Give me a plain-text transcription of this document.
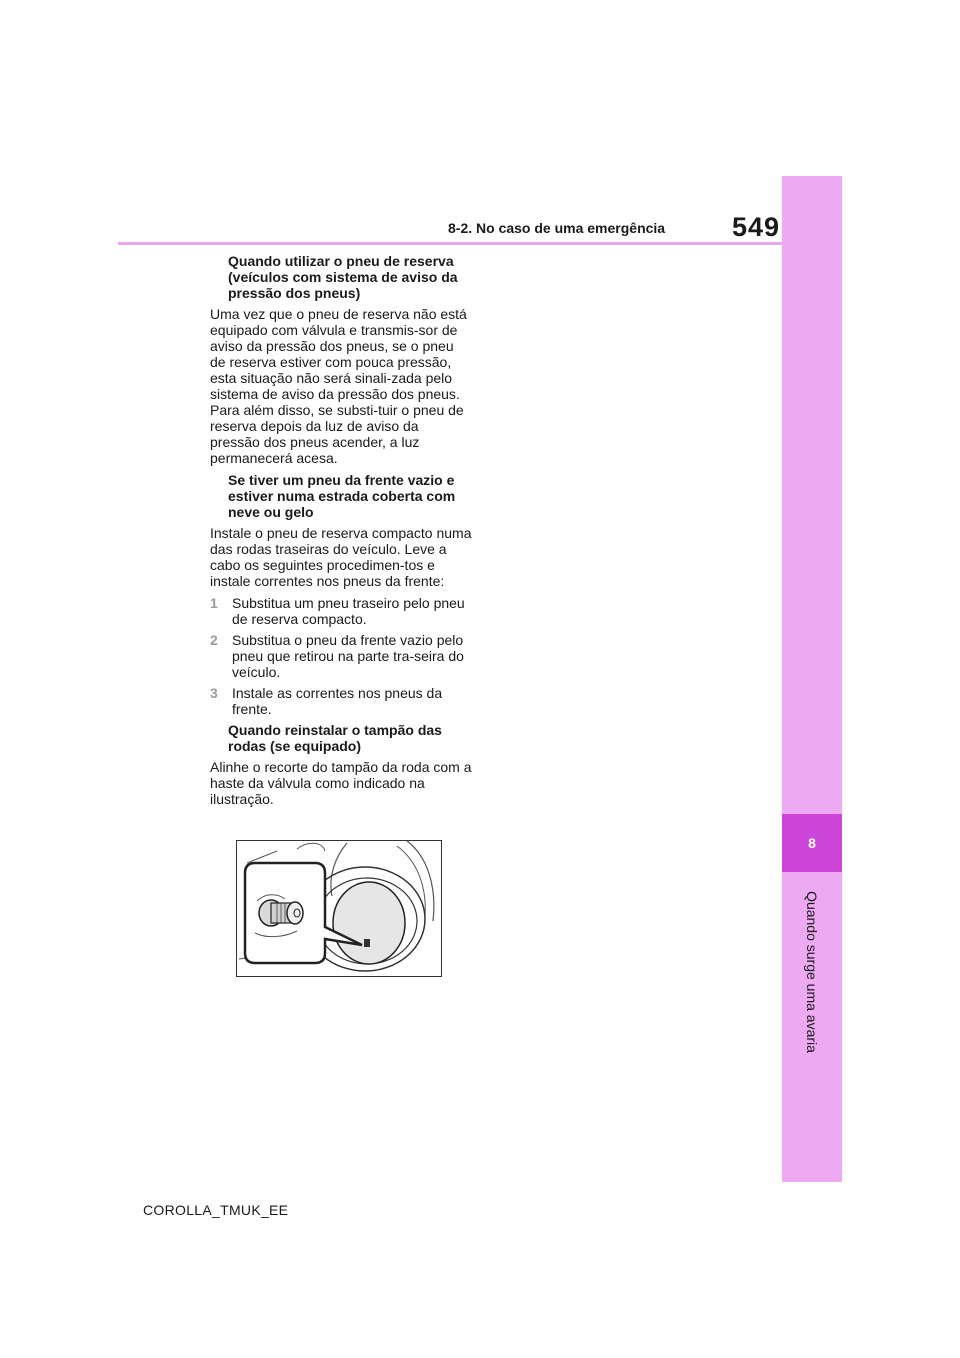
549
8-2. No caso de uma emergência
8
Quando surge uma avaria

Quando utilizar o pneu de reserva (veículos com sistema de aviso da pressão dos pneus)

Uma vez que o pneu de reserva não está equipado com válvula e transmis-sor de aviso da pressão dos pneus, se o pneu de reserva estiver com pouca pressão, esta situação não será sinali-zada pelo sistema de aviso da pressão dos pneus. Para além disso, se substi-tuir o pneu de reserva depois da luz de aviso da pressão dos pneus acender, a luz permanecerá acesa.

Se tiver um pneu da frente vazio e estiver numa estrada coberta com neve ou gelo

Instale o pneu de reserva compacto numa das rodas traseiras do veículo. Leve a cabo os seguintes procedimen-tos e instale correntes nos pneus da frente:

1	Substitua um pneu traseiro pelo pneu de reserva compacto.
2	Substitua o pneu da frente vazio pelo pneu que retirou na parte tra-seira do veículo.
3	Instale as correntes nos pneus da frente.

Quando reinstalar o tampão das rodas (se equipado)

Alinhe o recorte do tampão da roda com a haste da válvula como indicado na ilustração.

COROLLA_TMUK_EE
